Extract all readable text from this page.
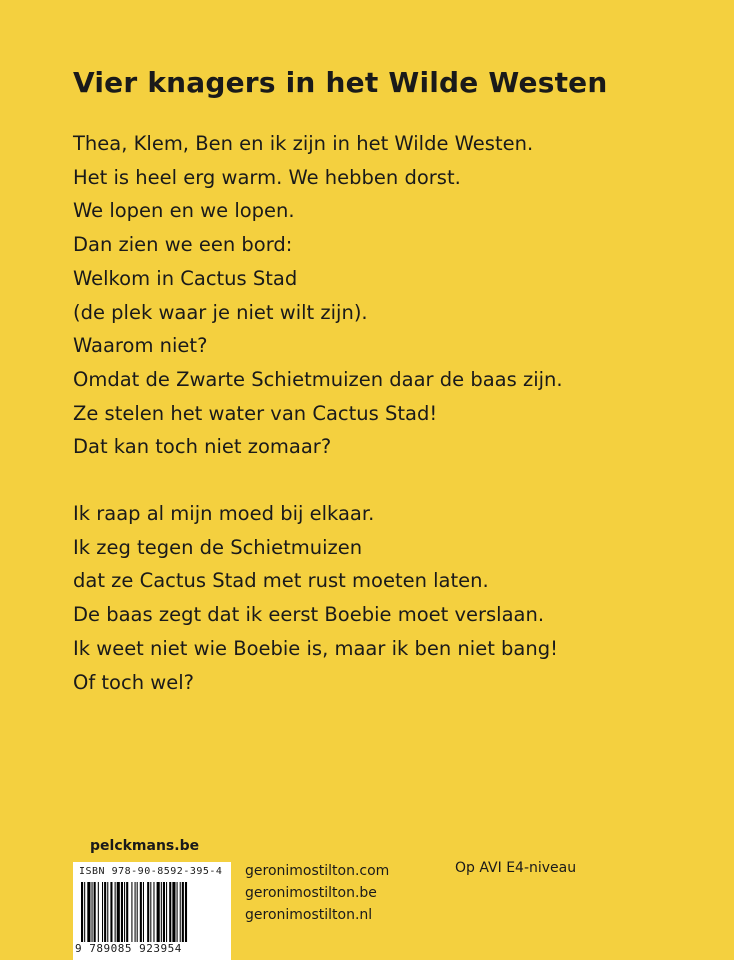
Vier knagers in het Wilde Westen

Thea, Klem, Ben en ik zijn in het Wilde Westen.
Het is heel erg warm. We hebben dorst.
We lopen en we lopen.
Dan zien we een bord:
Welkom in Cactus Stad
(de plek waar je niet wilt zijn).
Waarom niet?
Omdat de Zwarte Schietmuizen daar de baas zijn.
Ze stelen het water van Cactus Stad!
Dat kan toch niet zomaar?

Ik raap al mijn moed bij elkaar.
Ik zeg tegen de Schietmuizen
dat ze Cactus Stad met rust moeten laten.
De baas zegt dat ik eerst Boebie moet verslaan.
Ik weet niet wie Boebie is, maar ik ben niet bang!
Of toch wel?

pelckmans.be
ISBN 978-90-8592-395-4
9 789085 923954
geronimostilton.com
geronimostilton.be
geronimostilton.nl
Op AVI E4-niveau
